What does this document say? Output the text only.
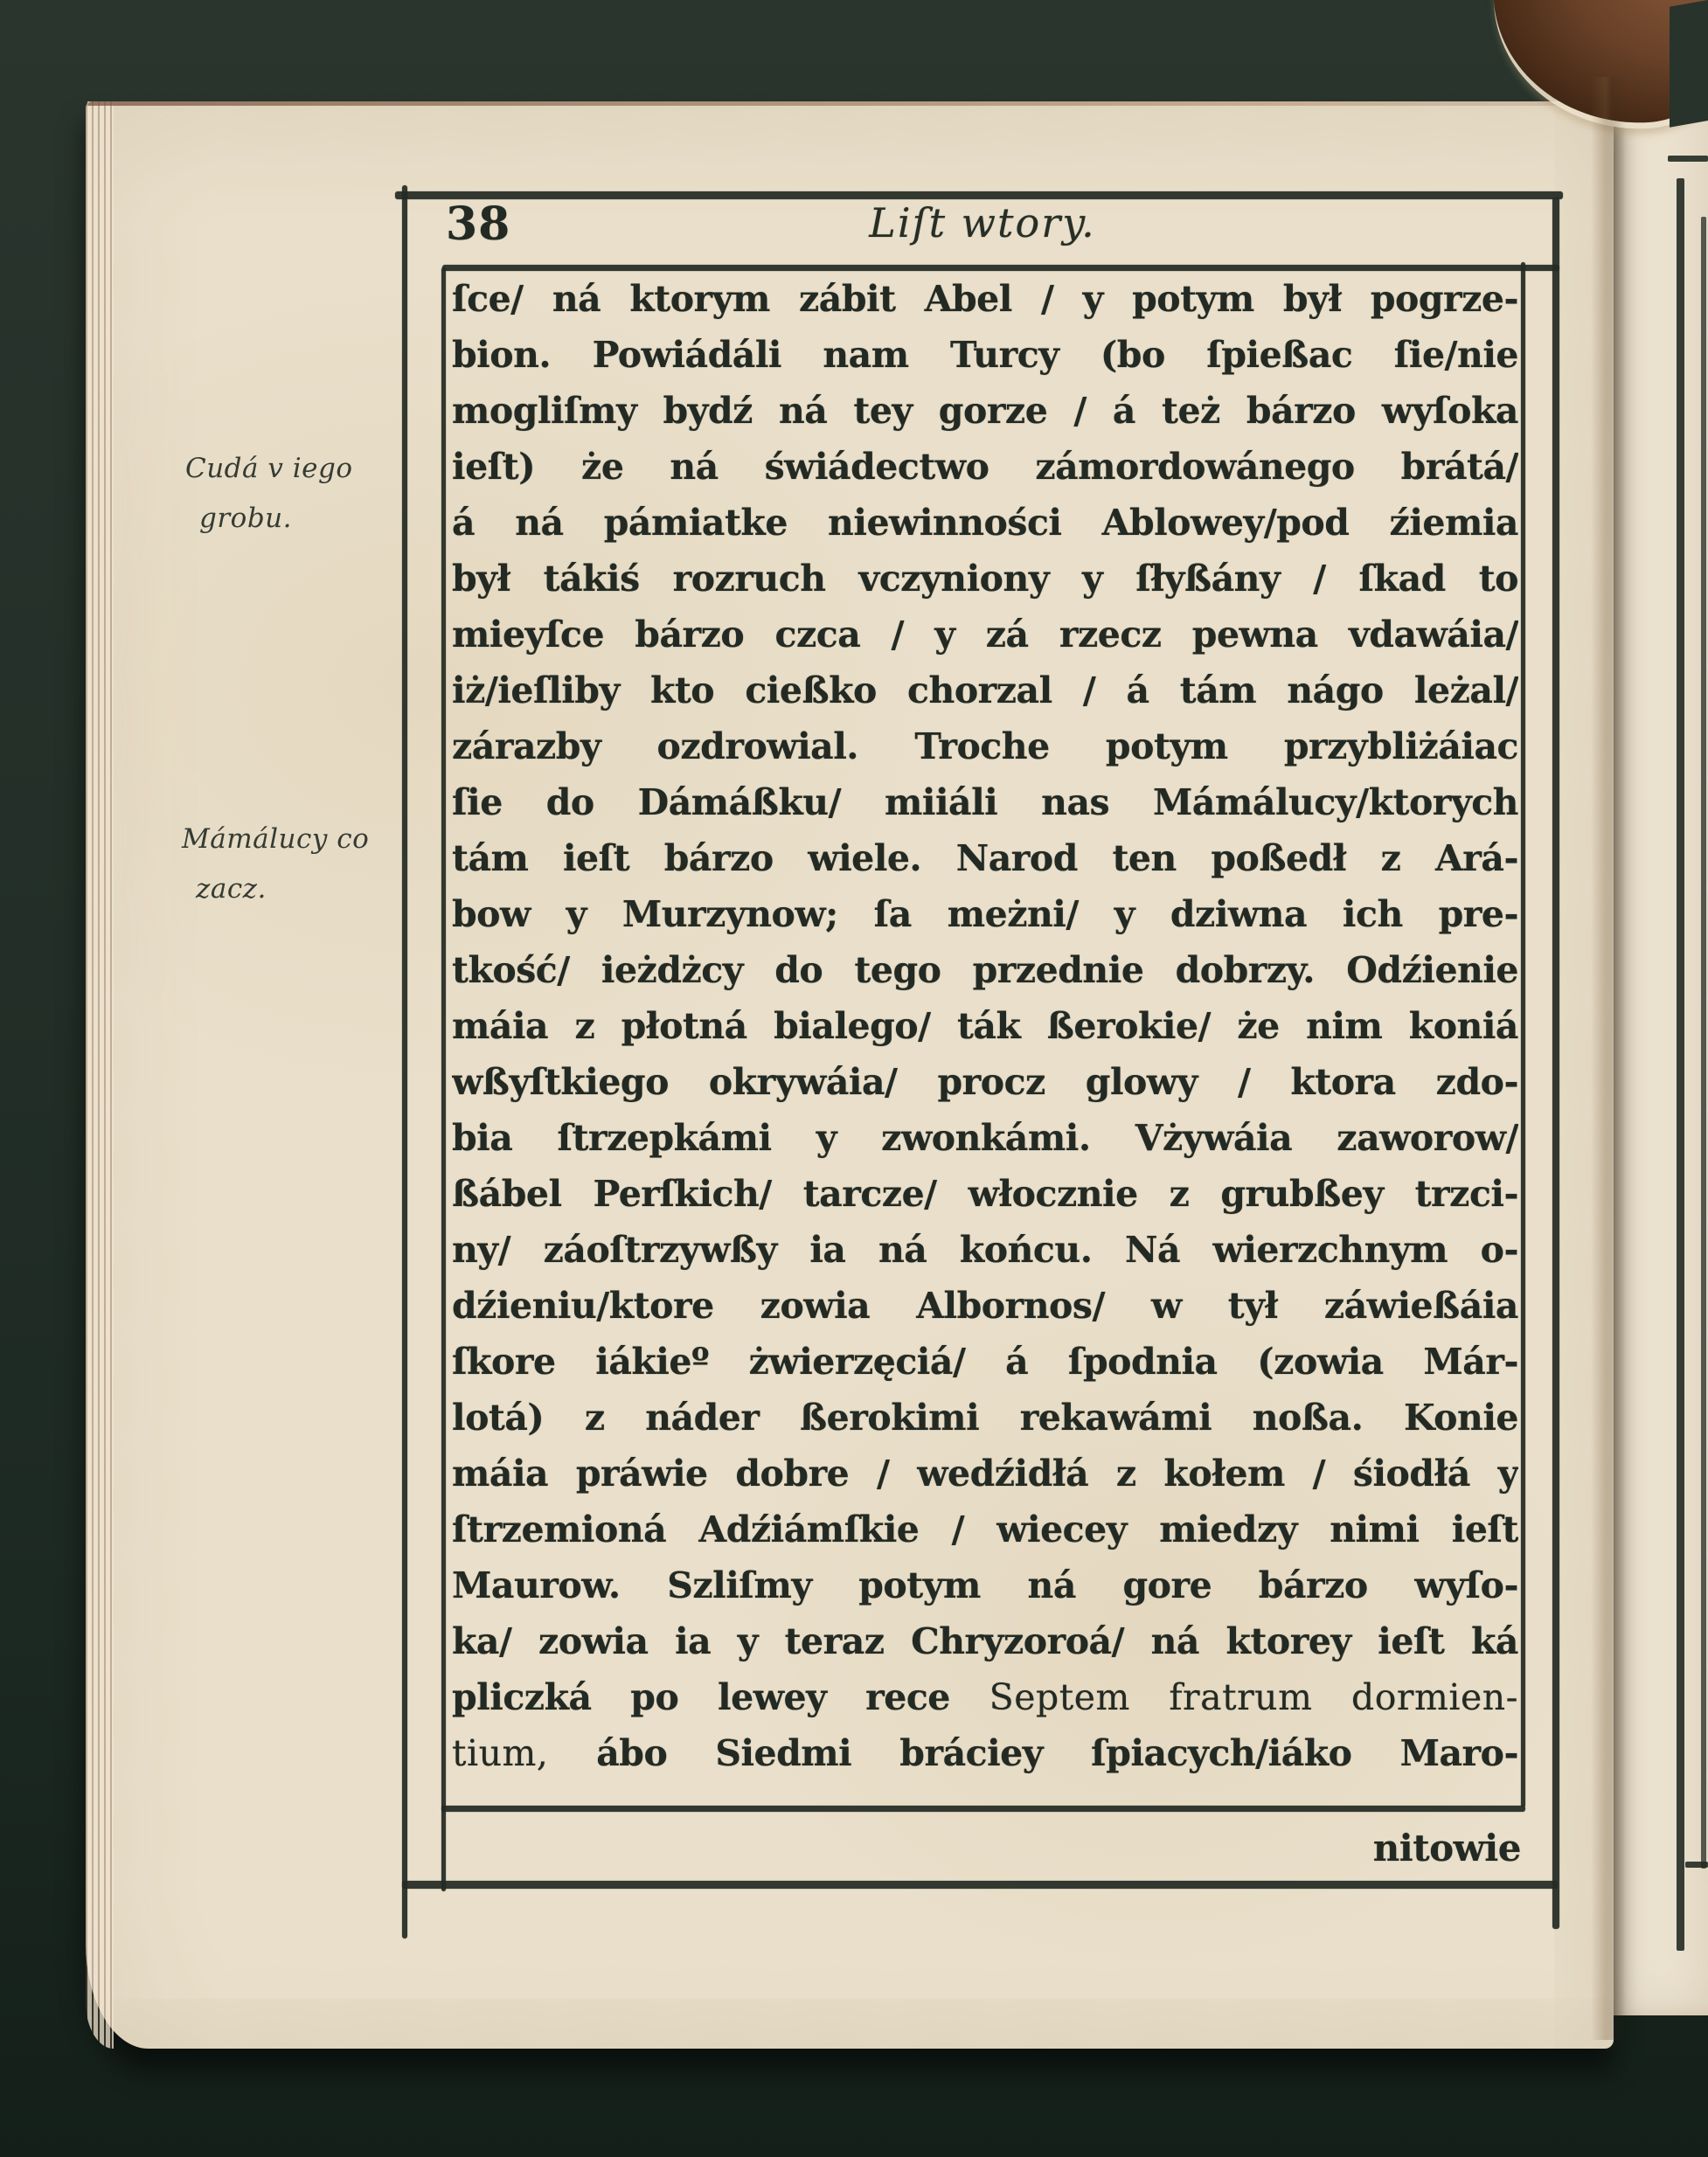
38	Liſt wtory.
Cudá v iego
grobu.
Mámálucy co
zacz.
ſce/ ná ktorym zábit Abel / y potym był pogrze-
bion. Powiádáli nam Turcy (bo ſpießac ſie/nie
mogliſmy bydź ná tey gorze / á też bárzo wyſoka
ieſt) że ná świádectwo zámordowánego brátá/
á ná pámiatke niewinności Ablowey/pod źiemia
był tákiś rozruch vczyniony y ſłyßány / ſkad to
mieyſce bárzo czca / y zá rzecz pewna vdawáia/
iż/ieſliby kto cießko chorzal / á tám nágo leżal/
zárazby ozdrowial. Troche potym przybliżáiac
ſie do Dámáßku/ miiáli nas Mámálucy/ktorych
tám ieſt bárzo wiele. Narod ten poßedł z Ará-
bow y Murzynow; ſa meżni/ y dziwna ich pre-
tkość/ ieżdżcy do tego przednie dobrzy. Odźienie
máia z płotná bialego/ ták ßerokie/ że nim koniá
wßyſtkiego okrywáia/ procz glowy / ktora zdo-
bia ſtrzepkámi y zwonkámi. Vżywáia zaworow/
ßábel Perſkich/ tarcze/ włocznie z grubßey trzci-
ny/ záoſtrzywßy ia ná końcu. Ná wierzchnym o-
dźieniu/ktore zowia Albornos/ w tył záwießáia
ſkore iákieº żwierzęciá/ á ſpodnia (zowia Már-
lotá) z náder ßerokimi rekawámi noßa. Konie
máia práwie dobre / wedźidłá z kołem / śiodłá y
ſtrzemioná Adźiámſkie / wiecey miedzy nimi ieſt
Maurow. Szliſmy potym ná gore bárzo wyſo-
ka/ zowia ia y teraz Chryzoroá/ ná ktorey ieſt ká
pliczká po lewey rece Septem fratrum dormien-
tium, ábo Siedmi bráciey ſpiacych/iáko Maro-
nitowie
